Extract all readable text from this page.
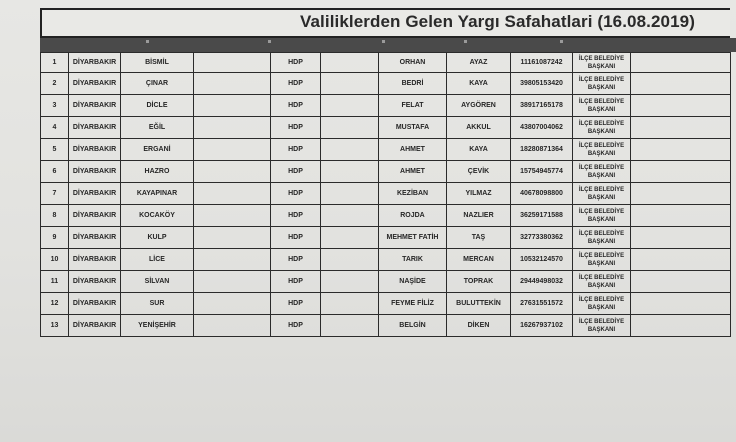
Valiliklerden Gelen Yargı Safahatlari (16.08.2019)
1	DİYARBAKIR	BİSMİL		HDP		ORHAN	AYAZ	11161087242	İLÇE BELEDİYE BAŞKANI	
2	DİYARBAKIR	ÇINAR		HDP		BEDRİ	KAYA	39805153420	İLÇE BELEDİYE BAŞKANI	
3	DİYARBAKIR	DİCLE		HDP		FELAT	AYGÖREN	38917165178	İLÇE BELEDİYE BAŞKANI	
4	DİYARBAKIR	EĞİL		HDP		MUSTAFA	AKKUL	43807004062	İLÇE BELEDİYE BAŞKANI	
5	DİYARBAKIR	ERGANİ		HDP		AHMET	KAYA	18280871364	İLÇE BELEDİYE BAŞKANI	
6	DİYARBAKIR	HAZRO		HDP		AHMET	ÇEVİK	15754945774	İLÇE BELEDİYE BAŞKANI	
7	DİYARBAKIR	KAYAPINAR		HDP		KEZİBAN	YILMAZ	40678098800	İLÇE BELEDİYE BAŞKANI	
8	DİYARBAKIR	KOCAKÖY		HDP		ROJDA	NAZLIER	36259171588	İLÇE BELEDİYE BAŞKANI	
9	DİYARBAKIR	KULP		HDP		MEHMET FATİH	TAŞ	32773380362	İLÇE BELEDİYE BAŞKANI	
10	DİYARBAKIR	LİCE		HDP		TARIK	MERCAN	10532124570	İLÇE BELEDİYE BAŞKANI	
11	DİYARBAKIR	SİLVAN		HDP		NAŞİDE	TOPRAK	29449498032	İLÇE BELEDİYE BAŞKANI	
12	DİYARBAKIR	SUR		HDP		FEYME FİLİZ	BULUTTEKİN	27631551572	İLÇE BELEDİYE BAŞKANI	
13	DİYARBAKIR	YENİŞEHİR		HDP		BELGİN	DİKEN	16267937102	İLÇE BELEDİYE BAŞKANI	
